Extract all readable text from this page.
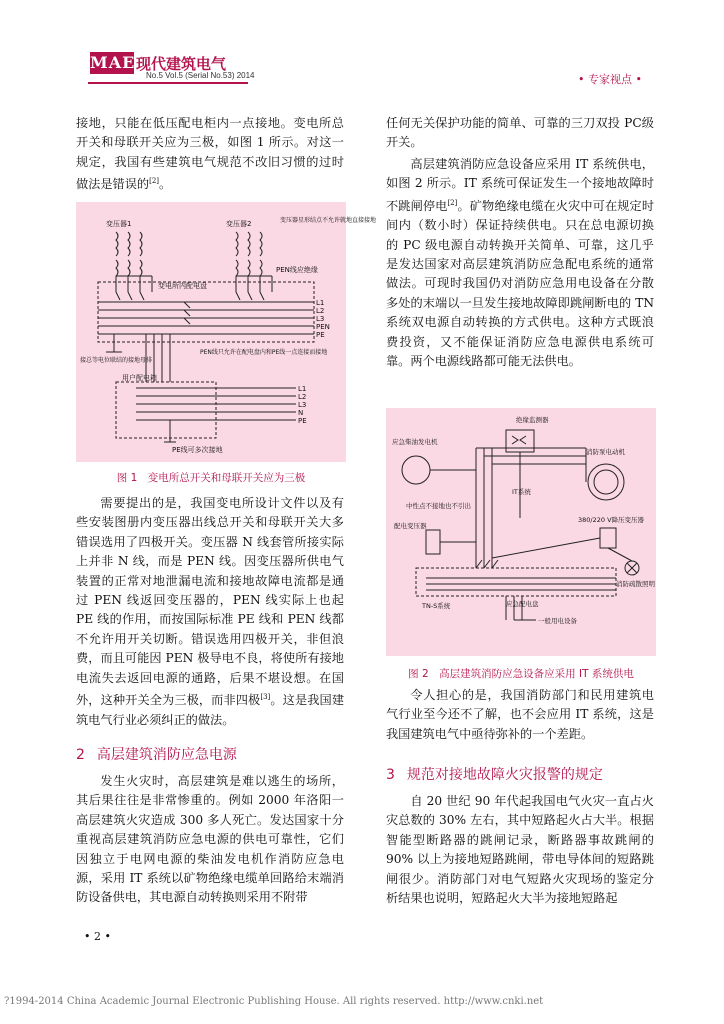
MAE 现代建筑电气
No.5 Vol.5 (Serial No.53) 2014	• 专家视点 •

接地，只能在低压配电柜内一点接地。变电所总开关和母联开关应为三极，如图 1 所示。对这一规定，我国有些建筑电气规范不改旧习惯的过时做法是错误的[2]。

变压器1	变压器2	变压器星形结点不允许就地直接接地
变电所内配电盘
PEN线应绝缘
L1
L2
L3
PEN
PE
接总等电位联结的接地母排
PEN线只允许在配电盘内和PE线一点连接而接地
用户配电箱
L1
L2
L3
N
PE
PE线可多次接地
图 1　变电所总开关和母联开关应为三极

需要提出的是，我国变电所设计文件以及有些安装图册内变压器出线总开关和母联开关大多错误选用了四极开关。变压器 N 线套管所接实际上并非 N 线，而是 PEN 线。因变压器所供电气装置的正常对地泄漏电流和接地故障电流都是通过 PEN 线返回变压器的，PEN 线实际上也起 PE 线的作用，而按国际标准 PE 线和 PEN 线都不允许用开关切断。错误选用四极开关，非但浪费，而且可能因 PEN 极导电不良，将使所有接地电流失去返回电源的通路，后果不堪设想。在国外，这种开关全为三极，而非四极[3]。这是我国建筑电气行业必须纠正的做法。

2 高层建筑消防应急电源

发生火灾时，高层建筑是难以逃生的场所，其后果往往是非常惨重的。例如 2000 年洛阳一高层建筑火灾造成 300 多人死亡。发达国家十分重视高层建筑消防应急电源的供电可靠性，它们因独立于电网电源的柴油发电机作消防应急电源，采用 IT 系统以矿物绝缘电缆单回路给末端消防设备供电，其电源自动转换则采用不附带

任何无关保护功能的简单、可靠的三刀双投 PC级开关。

高层建筑消防应急设备应采用 IT 系统供电，如图 2 所示。IT 系统可保证发生一个接地故障时不跳闸停电[2]。矿物绝缘电缆在火灾中可在规定时间内（数小时）保证持续供电。只在总电源切换的 PC 级电源自动转换开关简单、可靠，这几乎是发达国家对高层建筑消防应急配电系统的通常做法。可现时我国仍对消防应急用电设备在分散多处的末端以一旦发生接地故障即跳闸断电的 TN 系统双电源自动转换的方式供电。这种方式既浪费投资，又不能保证消防应急电源供电系统可靠。两个电源线路都可能无法供电。

绝缘监测器
应急柴油发电机
消防泵电动机
IT系统
中性点不接地也不引出
配电变压器
380/220 V降压变压器
消防疏散照明
TN-S系统	应急配电盘
一般用电设备
图 2　高层建筑消防应急设备应采用 IT 系统供电

令人担心的是，我国消防部门和民用建筑电气行业至今还不了解，也不会应用 IT 系统，这是我国建筑电气中亟待弥补的一个差距。

3 规范对接地故障火灾报警的规定

自 20 世纪 90 年代起我国电气火灾一直占火灾总数的 30% 左右，其中短路起火占大半。根据智能型断路器的跳闸记录，断路器事故跳闸的 90% 以上为接地短路跳闸，带电导体间的短路跳闸很少。消防部门对电气短路火灾现场的鉴定分析结果也说明，短路起火大半为接地短路起

• 2 •
?1994-2014 China Academic Journal Electronic Publishing House. All rights reserved. http://www.cnki.net
